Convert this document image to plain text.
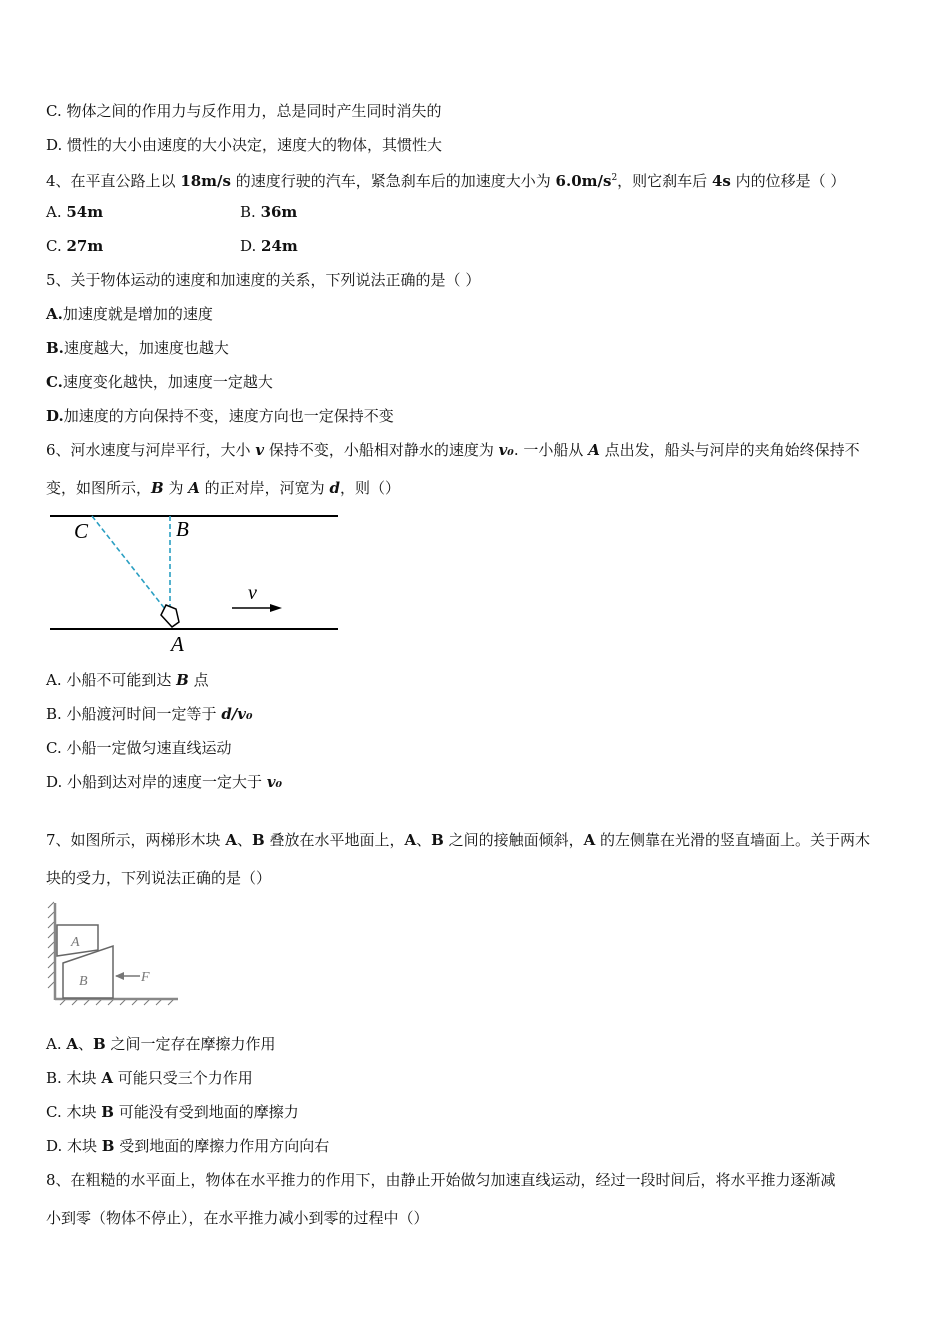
C. 物体之间的作用力与反作用力，总是同时产生同时消失的
D. 惯性的大小由速度的大小决定，速度大的物体，其惯性大
4、在平直公路上以 18m/s 的速度行驶的汽车，紧急刹车后的加速度大小为 $6.0m/s^2$，则它刹车后 4s 内的位移是（ ）
A. 54m	B. 36m
C. 27m	D. 24m
5、关于物体运动的速度和加速度的关系，下列说法正确的是（ ）
A.加速度就是增加的速度
B.速度越大，加速度也越大
C.速度变化越快，加速度一定越大
D.加速度的方向保持不变，速度方向也一定保持不变
6、河水速度与河岸平行，大小 v 保持不变，小船相对静水的速度为 v₀. 一小船从 A 点出发，船头与河岸的夹角始终保持不
变，如图所示，B 为 A 的正对岸，河宽为 d，则（）
C	B
A
v
A. 小船不可能到达 B 点
B. 小船渡河时间一定等于 d/v₀
C. 小船一定做匀速直线运动
D. 小船到达对岸的速度一定大于 v₀
7、如图所示，两梯形木块 A、B 叠放在水平地面上，A、B 之间的接触面倾斜，A 的左侧靠在光滑的竖直墙面上。关于两木
块的受力，下列说法正确的是（）
A
B	F
A. A、B 之间一定存在摩擦力作用
B. 木块 A 可能只受三个力作用
C. 木块 B 可能没有受到地面的摩擦力
D. 木块 B 受到地面的摩擦力作用方向向右
8、在粗糙的水平面上，物体在水平推力的作用下，由静止开始做匀加速直线运动，经过一段时间后，将水平推力逐渐减
小到零（物体不停止），在水平推力减小到零的过程中（）
